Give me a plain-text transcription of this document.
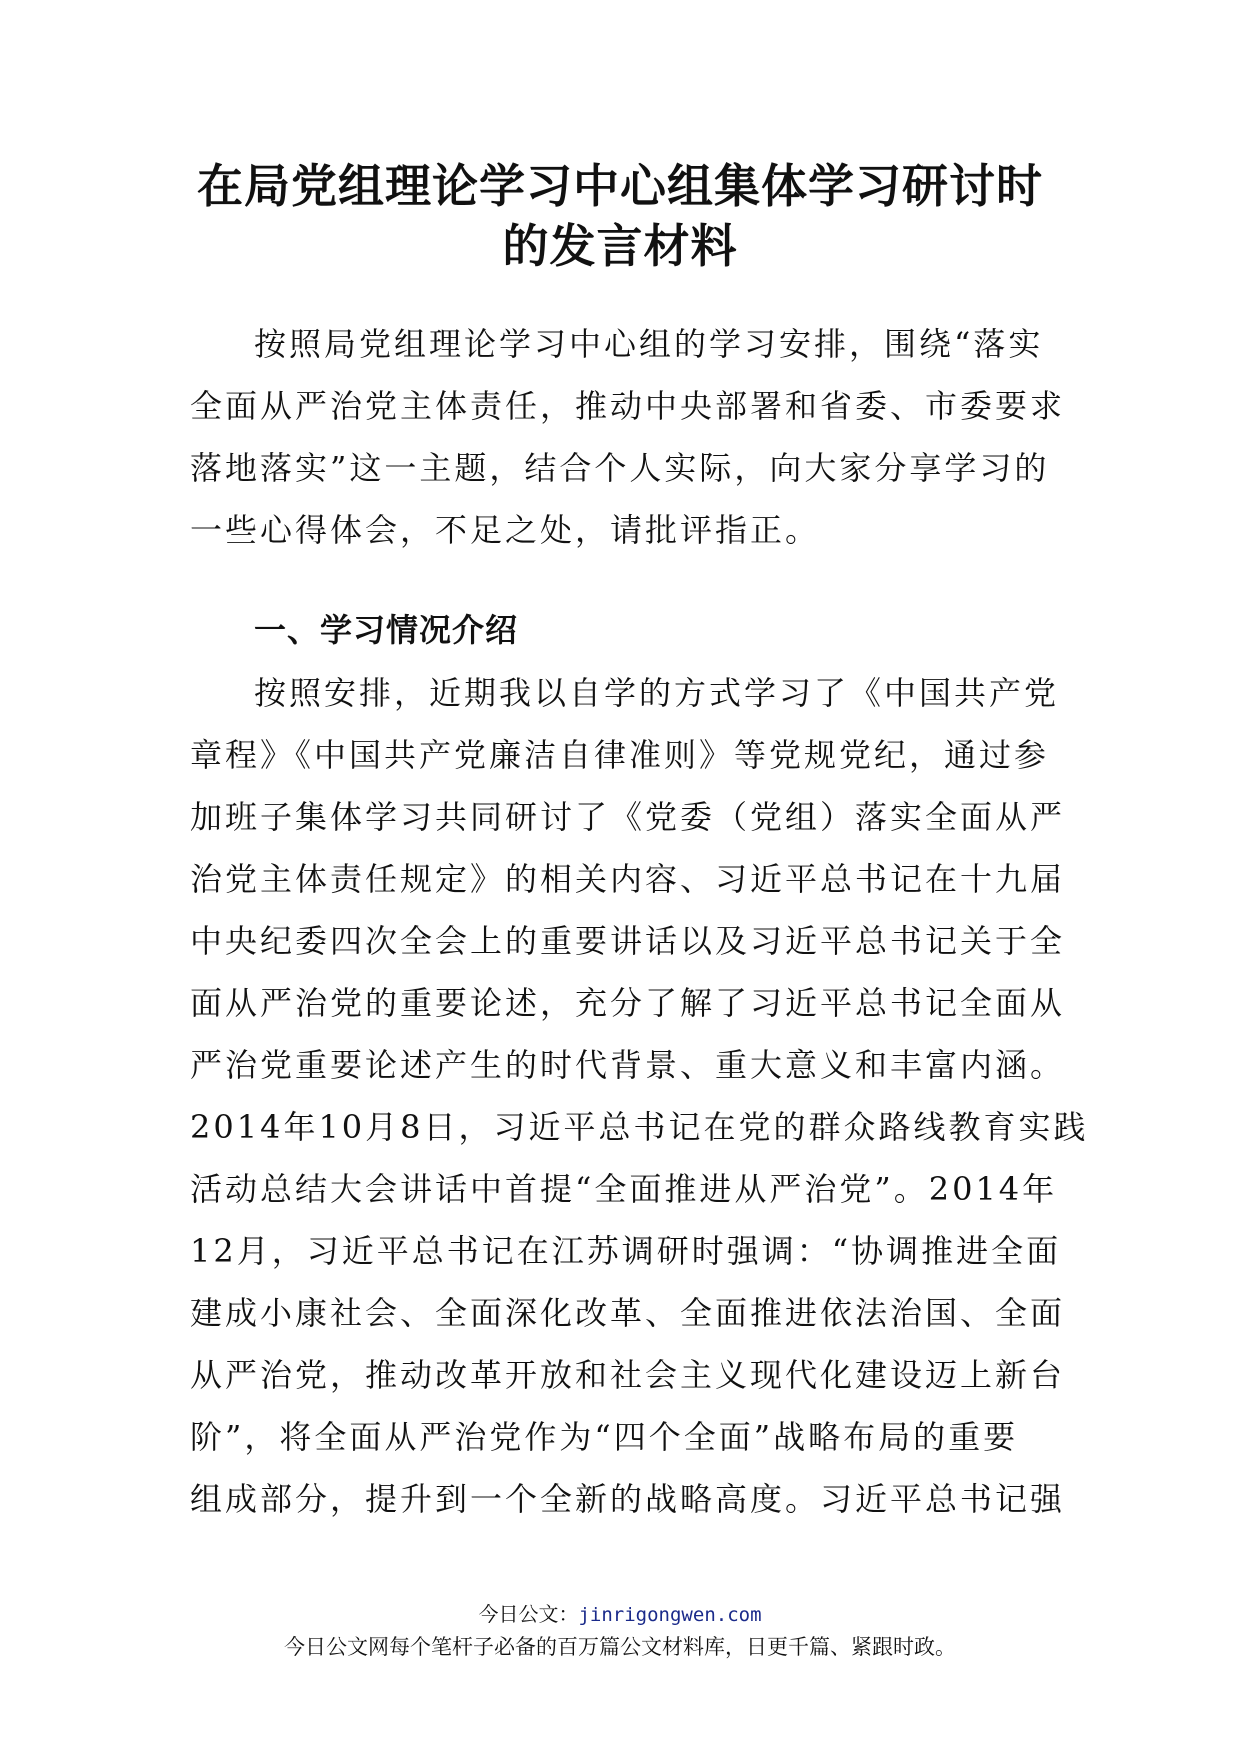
在局党组理论学习中心组集体学习研讨时
的发言材料
按照局党组理论学习中心组的学习安排，围绕“落实
全面从严治党主体责任，推动中央部署和省委、市委要求
落地落实”这一主题，结合个人实际，向大家分享学习的
一些心得体会，不足之处，请批评指正。
一、学习情况介绍
按照安排，近期我以自学的方式学习了《中国共产党
章程》《中国共产党廉洁自律准则》等党规党纪，通过参
加班子集体学习共同研讨了《党委（党组）落实全面从严
治党主体责任规定》的相关内容、习近平总书记在十九届
中央纪委四次全会上的重要讲话以及习近平总书记关于全
面从严治党的重要论述，充分了解了习近平总书记全面从
严治党重要论述产生的时代背景、重大意义和丰富内涵。
2014年10月8日，习近平总书记在党的群众路线教育实践
活动总结大会讲话中首提“全面推进从严治党”。2014年
12月，习近平总书记在江苏调研时强调：“协调推进全面
建成小康社会、全面深化改革、全面推进依法治国、全面
从严治党，推动改革开放和社会主义现代化建设迈上新台
阶”，将全面从严治党作为“四个全面”战略布局的重要
组成部分，提升到一个全新的战略高度。习近平总书记强
今日公文：jinrigongwen.com
今日公文网每个笔杆子必备的百万篇公文材料库，日更千篇、紧跟时政。
